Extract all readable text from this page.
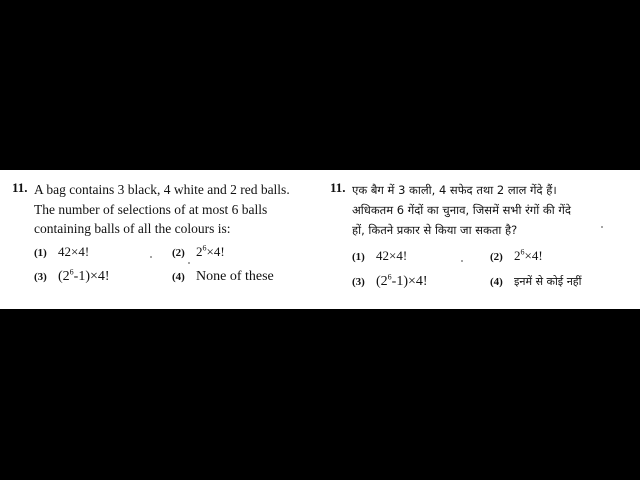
11. A bag contains 3 black, 4 white and 2 red balls.
The number of selections of at most 6 balls
containing balls of all the colours is:
(1) 42×4!	(2) $2^6\times 4$!
(3) $(2^6-1)\times 4$!	(4) None of these
11. एक बैग में 3 काली, 4 सफेद तथा 2 लाल गेंदे हैं।
अधिकतम 6 गेंदों का चुनाव, जिसमें सभी रंगों की गेंदे
हों, कितने प्रकार से किया जा सकता है?
(1) 42×4!	(2) $2^6\times 4$!
(3) $(2^6-1)\times 4$!	(4)	इनमें से कोई नहीं
